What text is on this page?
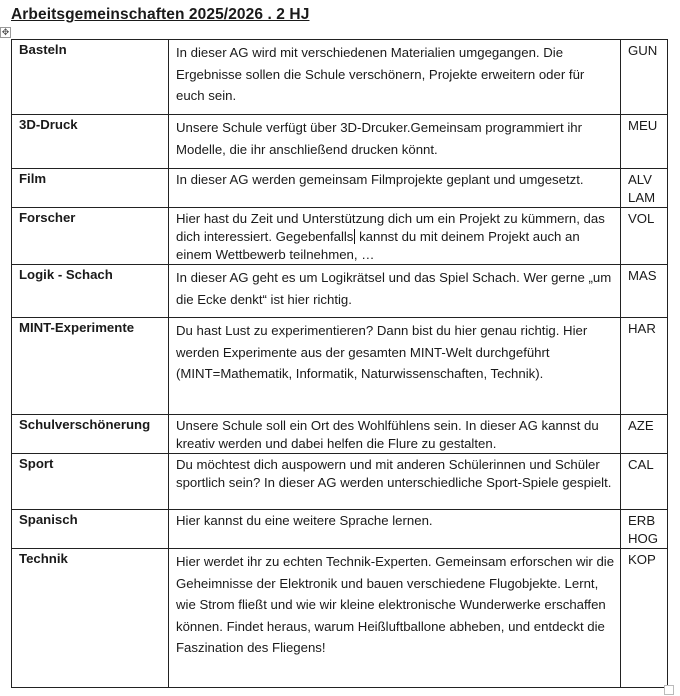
Arbeitsgemeinschaften 2025/2026 . 2 HJ
✥
Basteln	In dieser AG wird mit verschiedenen Materialien umgegangen. Die Ergebnisse sollen die Schule verschönern, Projekte erweitern oder für euch sein.	GUN

3D-Druck	Unsere Schule verfügt über 3D-Drcuker.Gemeinsam programmiert ihr Modelle, die ihr anschließend drucken könnt.	MEU

Film	In dieser AG werden gemeinsam Filmprojekte geplant und umgesetzt.	ALV
LAM

Forscher	Hier hast du Zeit und Unterstützung dich um ein Projekt zu kümmern, das dich interessiert. Gegebenfalls kannst du mit deinem Projekt auch an einem Wettbewerb teilnehmen, …	VOL

Logik - Schach	In dieser AG geht es um Logikrätsel und das Spiel Schach. Wer gerne „um die Ecke denkt“ ist hier richtig.	MAS

MINT-Experimente	Du hast Lust zu experimentieren? Dann bist du hier genau richtig. Hier werden Experimente aus der gesamten MINT-Welt durchgeführt (MINT=Mathematik, Informatik, Naturwissenschaften, Technik).	HAR

Schulverschönerung	Unsere Schule soll ein Ort des Wohlfühlens sein. In dieser AG kannst du kreativ werden und dabei helfen die Flure zu gestalten.	AZE

Sport	Du möchtest dich auspowern und mit anderen Schülerinnen und Schüler sportlich sein? In dieser AG werden unterschiedliche Sport-Spiele gespielt.	CAL

Spanisch	Hier kannst du eine weitere Sprache lernen.	ERB
HOG

Technik	Hier werdet ihr zu echten Technik-Experten. Gemeinsam erforschen wir die Geheimnisse der Elektronik und bauen verschiedene Flugobjekte. Lernt, wie Strom fließt und wie wir kleine elektronische Wunderwerke erschaffen können. Findet heraus, warum Heißluftballone abheben, und entdeckt die Faszination des Fliegens!	KOP
